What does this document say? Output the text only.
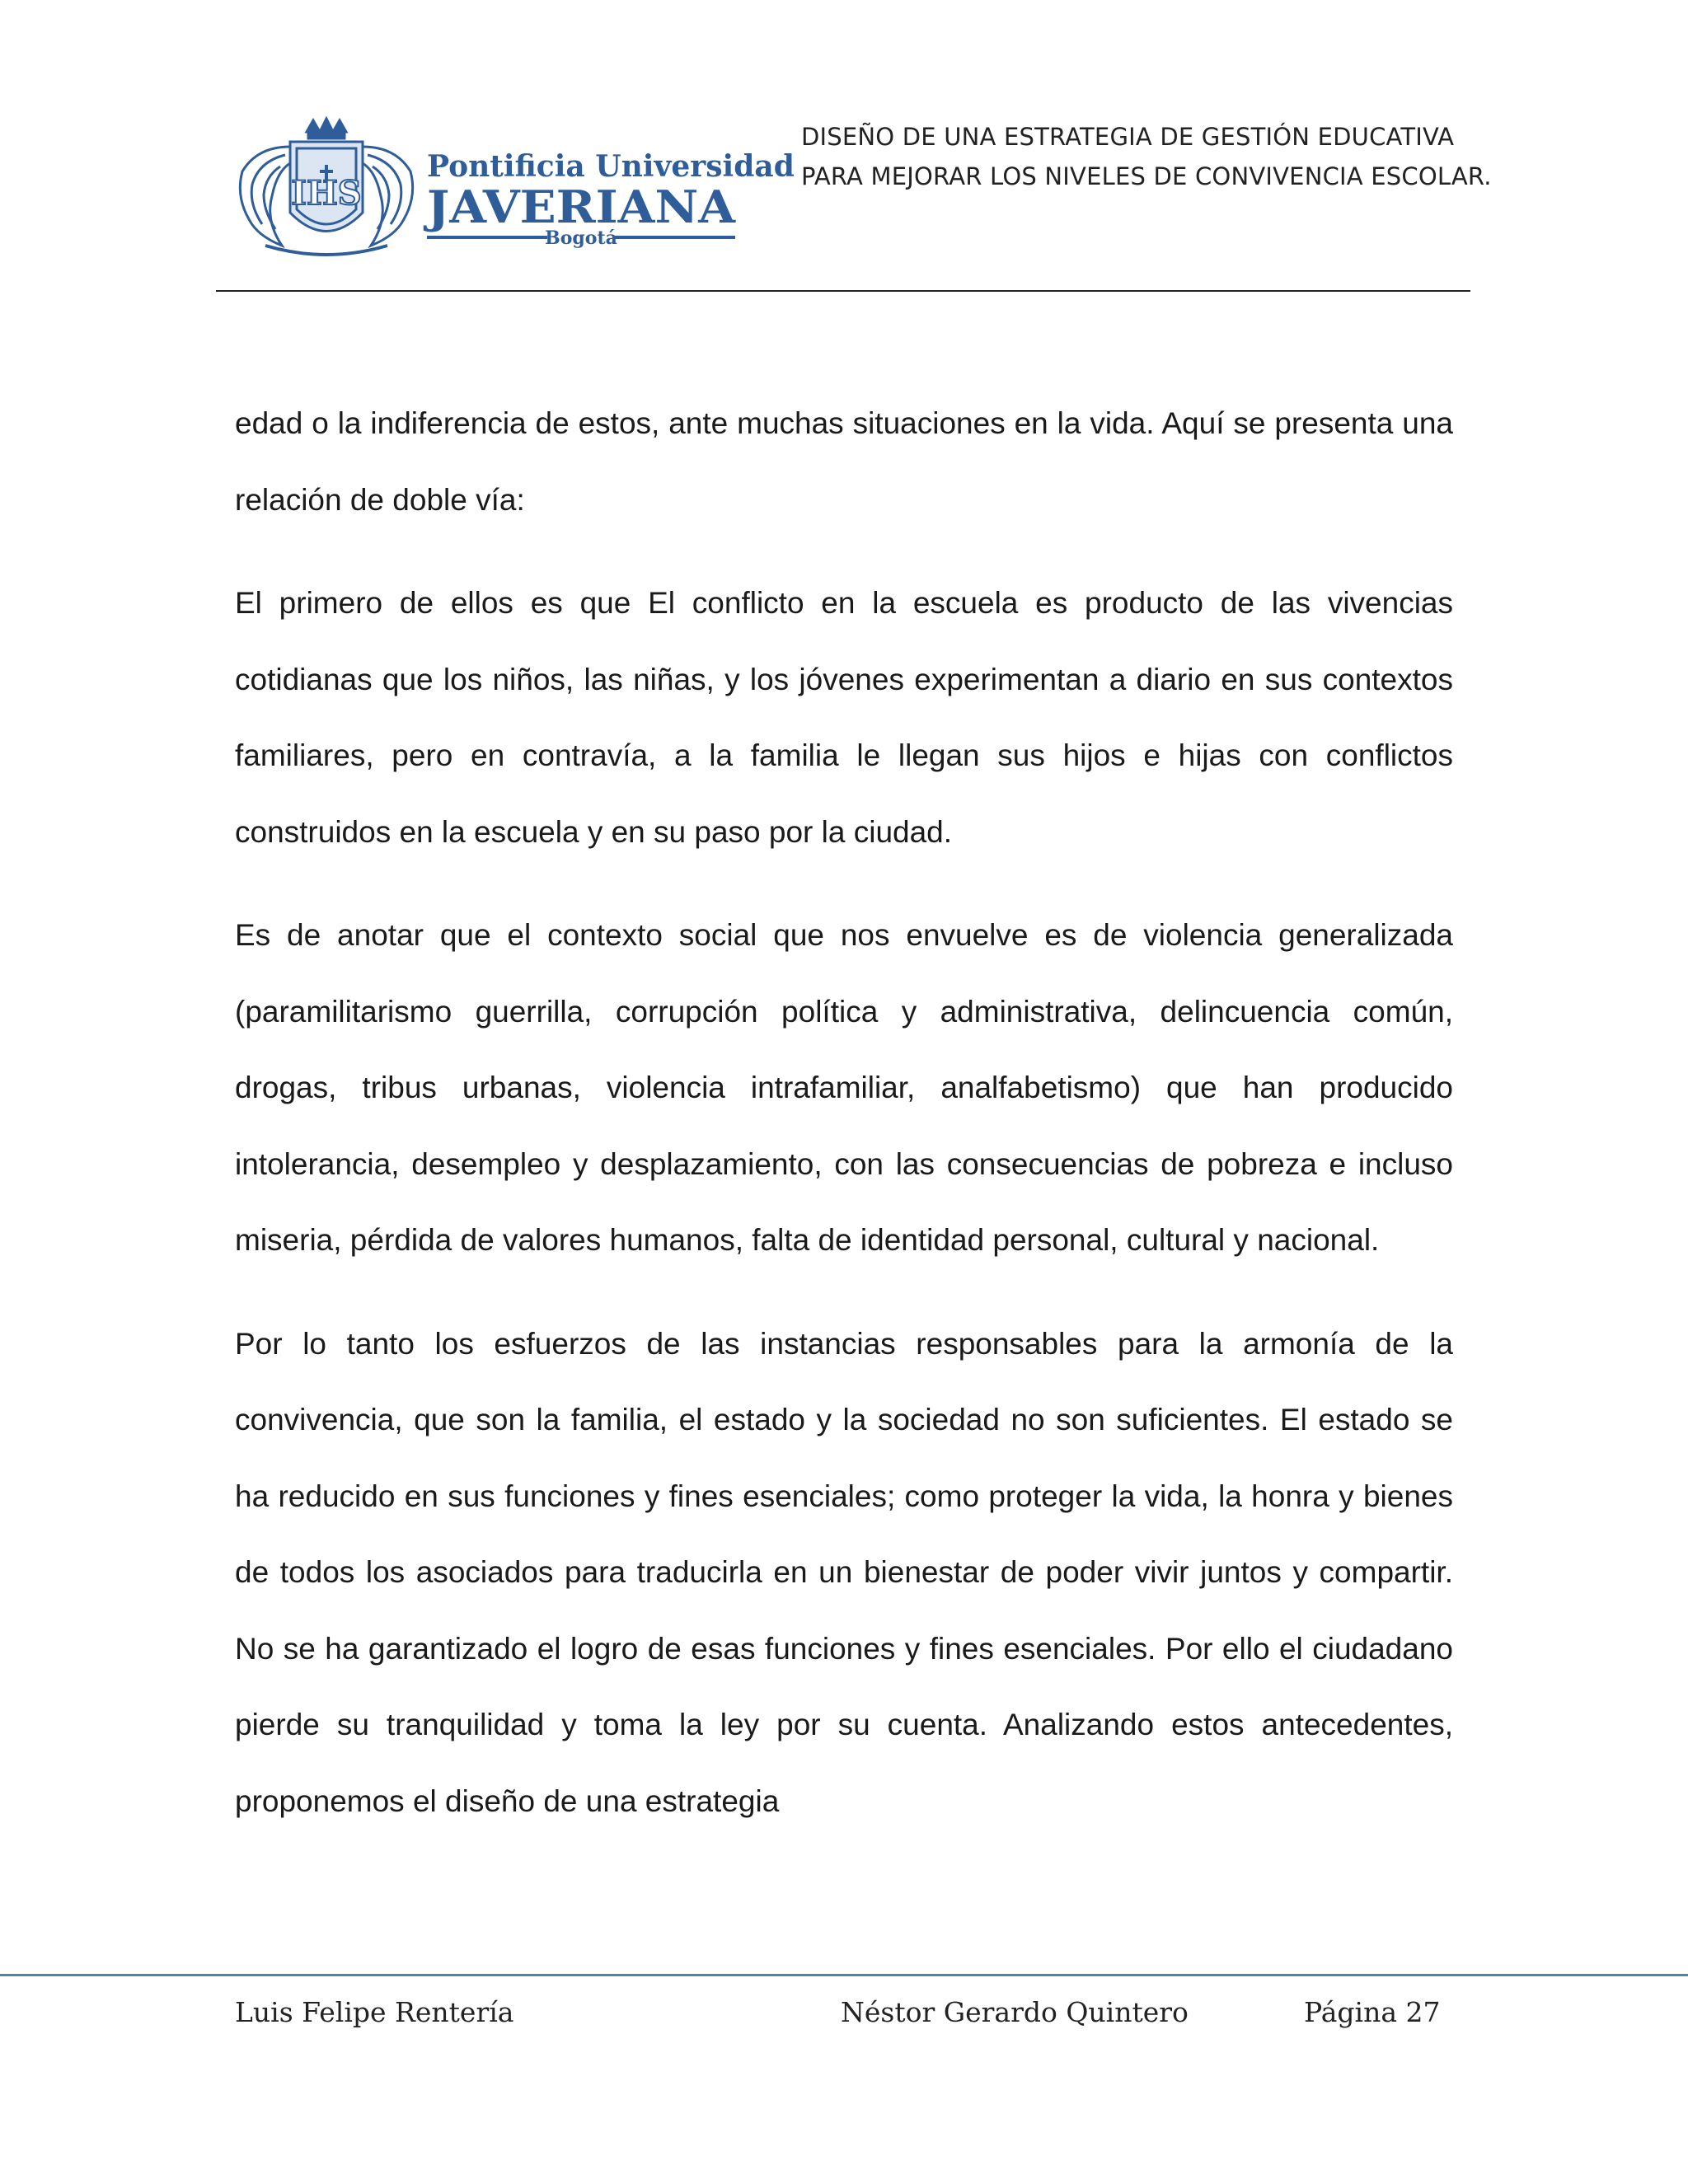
IHS
Pontificia Universidad
JAVERIANA
Bogotá
DISEÑO DE UNA ESTRATEGIA DE GESTIÓN EDUCATIVA
PARA MEJORAR LOS NIVELES DE CONVIVENCIA ESCOLAR.

edad o la indiferencia de estos, ante muchas situaciones en la vida. Aquí se presenta una relación de doble vía:

El primero de ellos es que El conflicto en la escuela es producto de las vivencias cotidianas que los niños, las niñas, y los jóvenes experimentan a diario en sus contextos familiares, pero en contravía, a la familia le llegan sus hijos e hijas con conflictos construidos en la escuela y en su paso por la ciudad.

Es de anotar que el contexto social que nos envuelve es de violencia generalizada (paramilitarismo guerrilla, corrupción política y administrativa, delincuencia común, drogas, tribus urbanas, violencia intrafamiliar, analfabetismo) que han producido intolerancia, desempleo y desplazamiento, con las consecuencias de pobreza e incluso miseria, pérdida de valores humanos, falta de identidad personal, cultural y nacional.

Por lo tanto los esfuerzos de las instancias responsables para la armonía de la convivencia, que son la familia, el estado y la sociedad no son suficientes. El estado se ha reducido en sus funciones y fines esenciales; como proteger la vida, la honra y bienes de todos los asociados para traducirla en un bienestar de poder vivir juntos y compartir. No se ha garantizado el logro de esas funciones y fines esenciales. Por ello el ciudadano pierde su tranquilidad y toma la ley por su cuenta. Analizando estos antecedentes, proponemos el diseño de una estrategia

Luis Felipe Rentería	Néstor Gerardo Quintero	Página 27
